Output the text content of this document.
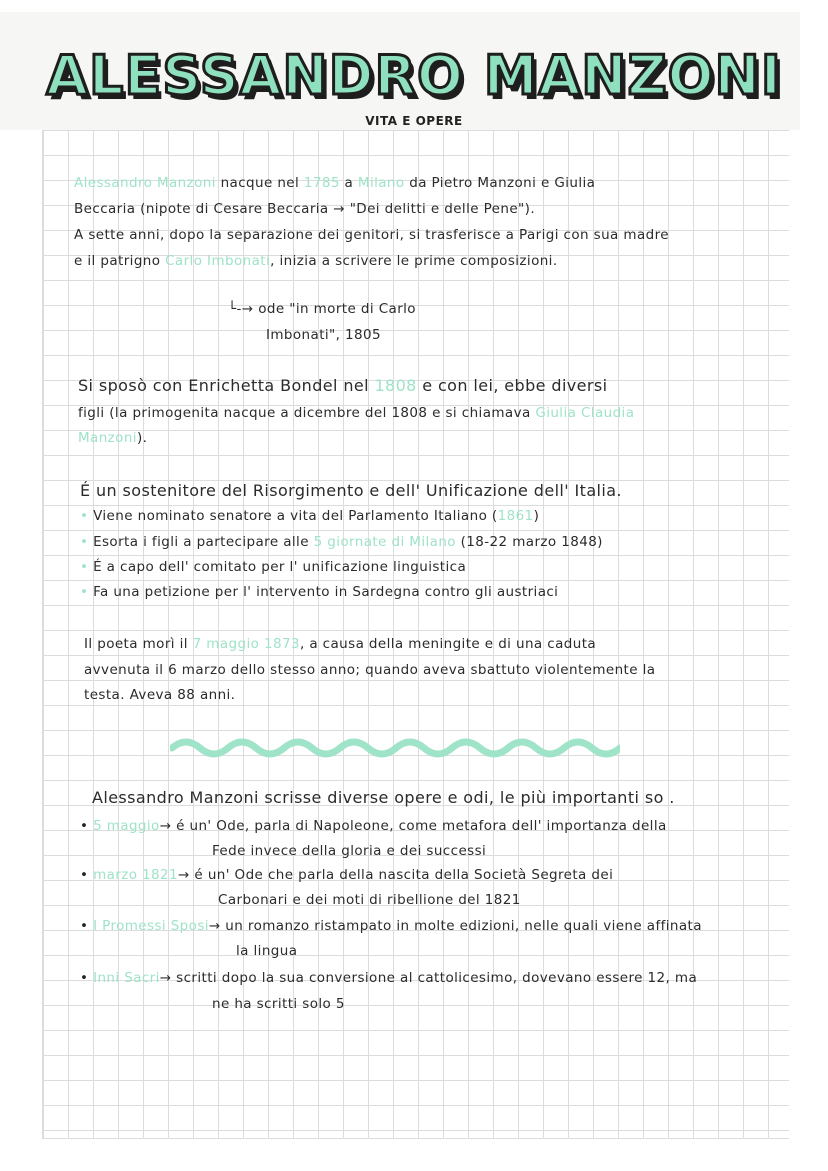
ALESSANDRO MANZONI
VITA E OPERE
Alessandro Manzoni nacque nel 1785 a Milano da Pietro Manzoni e Giulia
Beccaria (nipote di Cesare Beccaria → "Dei delitti e delle Pene").
A sette anni, dopo la separazione dei genitori, si trasferisce a Parigi con sua madre
e il patrigno Carlo Imbonati, inizia a scrivere le prime composizioni.
└-→ ode "in morte di Carlo
Imbonati", 1805
Si sposò con Enrichetta Bondel nel 1808 e con lei, ebbe diversi
figli (la primogenita nacque a dicembre del 1808 e si chiamava Giulia Claudia
Manzoni).
É un sostenitore del Risorgimento e dell' Unificazione dell' Italia.
• Viene nominato senatore a vita del Parlamento Italiano (1861)
• Esorta i figli a partecipare alle 5 giornate di Milano (18-22 marzo 1848)
• É a capo dell' comitato per l' unificazione linguistica
• Fa una petizione per l' intervento in Sardegna contro gli austriaci
Il poeta morì il 7 maggio 1873, a causa della meningite e di una caduta
avvenuta il 6 marzo dello stesso anno; quando aveva sbattuto violentemente la
testa. Aveva 88 anni.
Alessandro Manzoni scrisse diverse opere e odi, le più importanti so .
• 5 maggio→ é un' Ode, parla di Napoleone, come metafora dell' importanza della
Fede invece della gloria e dei successi
• marzo 1821→ é un' Ode che parla della nascita della Società Segreta dei
Carbonari e dei moti di ribellione del 1821
• I Promessi Sposi→ un romanzo ristampato in molte edizioni, nelle quali viene affinata
la lingua
• Inni Sacri→ scritti dopo la sua conversione al cattolicesimo, dovevano essere 12, ma
ne ha scritti solo 5
